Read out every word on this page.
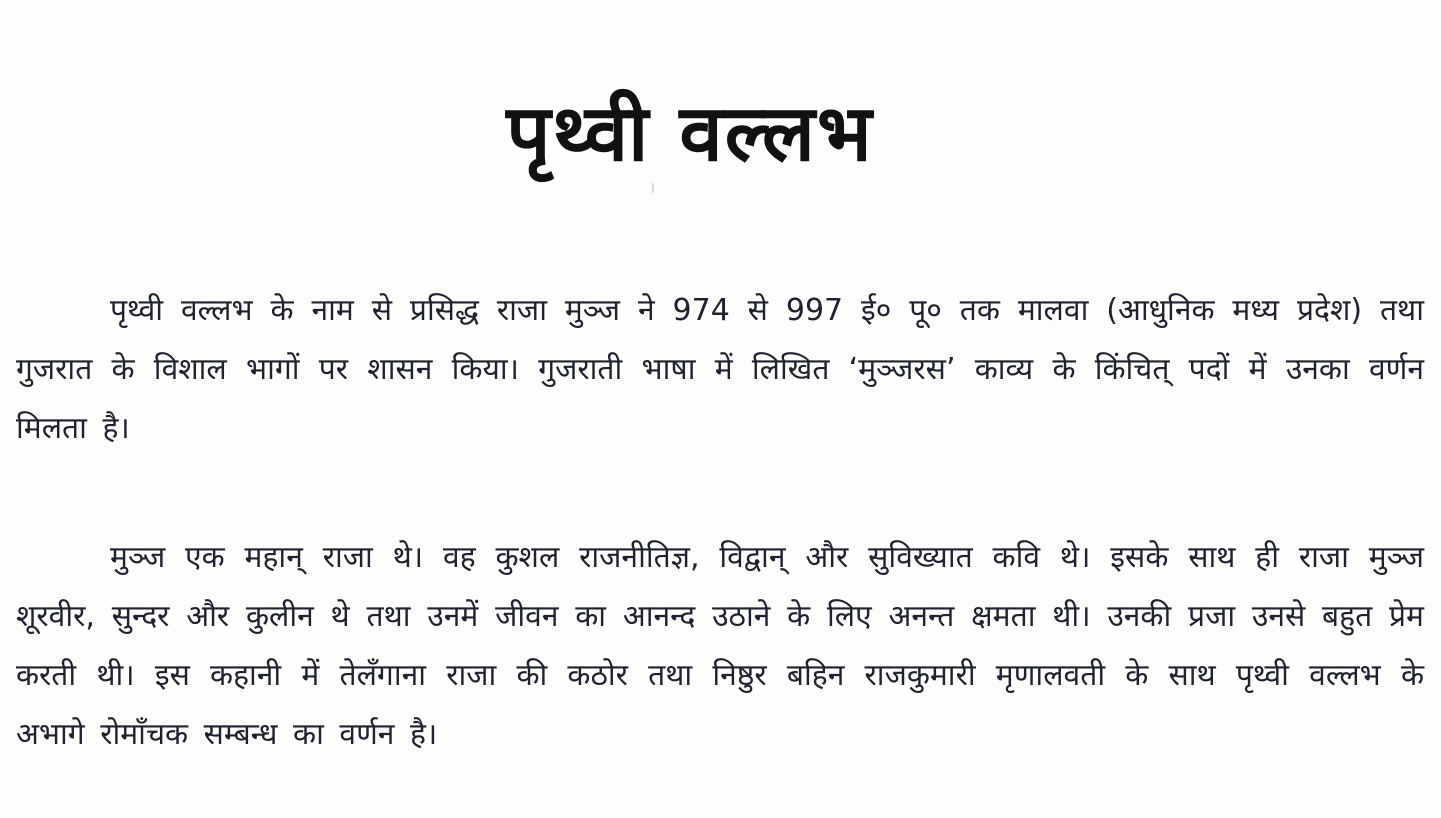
पृथ्वी वल्लभ

पृथ्वी वल्लभ के नाम से प्रसिद्ध राजा मुञ्ज ने 974 से 997 ई० पू० तक मालवा (आधुनिक मध्य प्रदेश) तथा गुजरात के विशाल भागों पर शासन किया। गुजराती भाषा में लिखित ‘मुञ्जरस’ काव्य के किंचित् पदों में उनका वर्णन मिलता है।

मुञ्ज एक महान् राजा थे। वह कुशल राजनीतिज्ञ, विद्वान् और सुविख्यात कवि थे। इसके साथ ही राजा मुञ्ज शूरवीर, सुन्दर और कुलीन थे तथा उनमें जीवन का आनन्द उठाने के लिए अनन्त क्षमता थी। उनकी प्रजा उनसे बहुत प्रेम करती थी। इस कहानी में तेलँगाना राजा की कठोर तथा निष्ठुर बहिन राजकुमारी मृणालवती के साथ पृथ्वी वल्लभ के अभागे रोमाँचक सम्बन्ध का वर्णन है।
